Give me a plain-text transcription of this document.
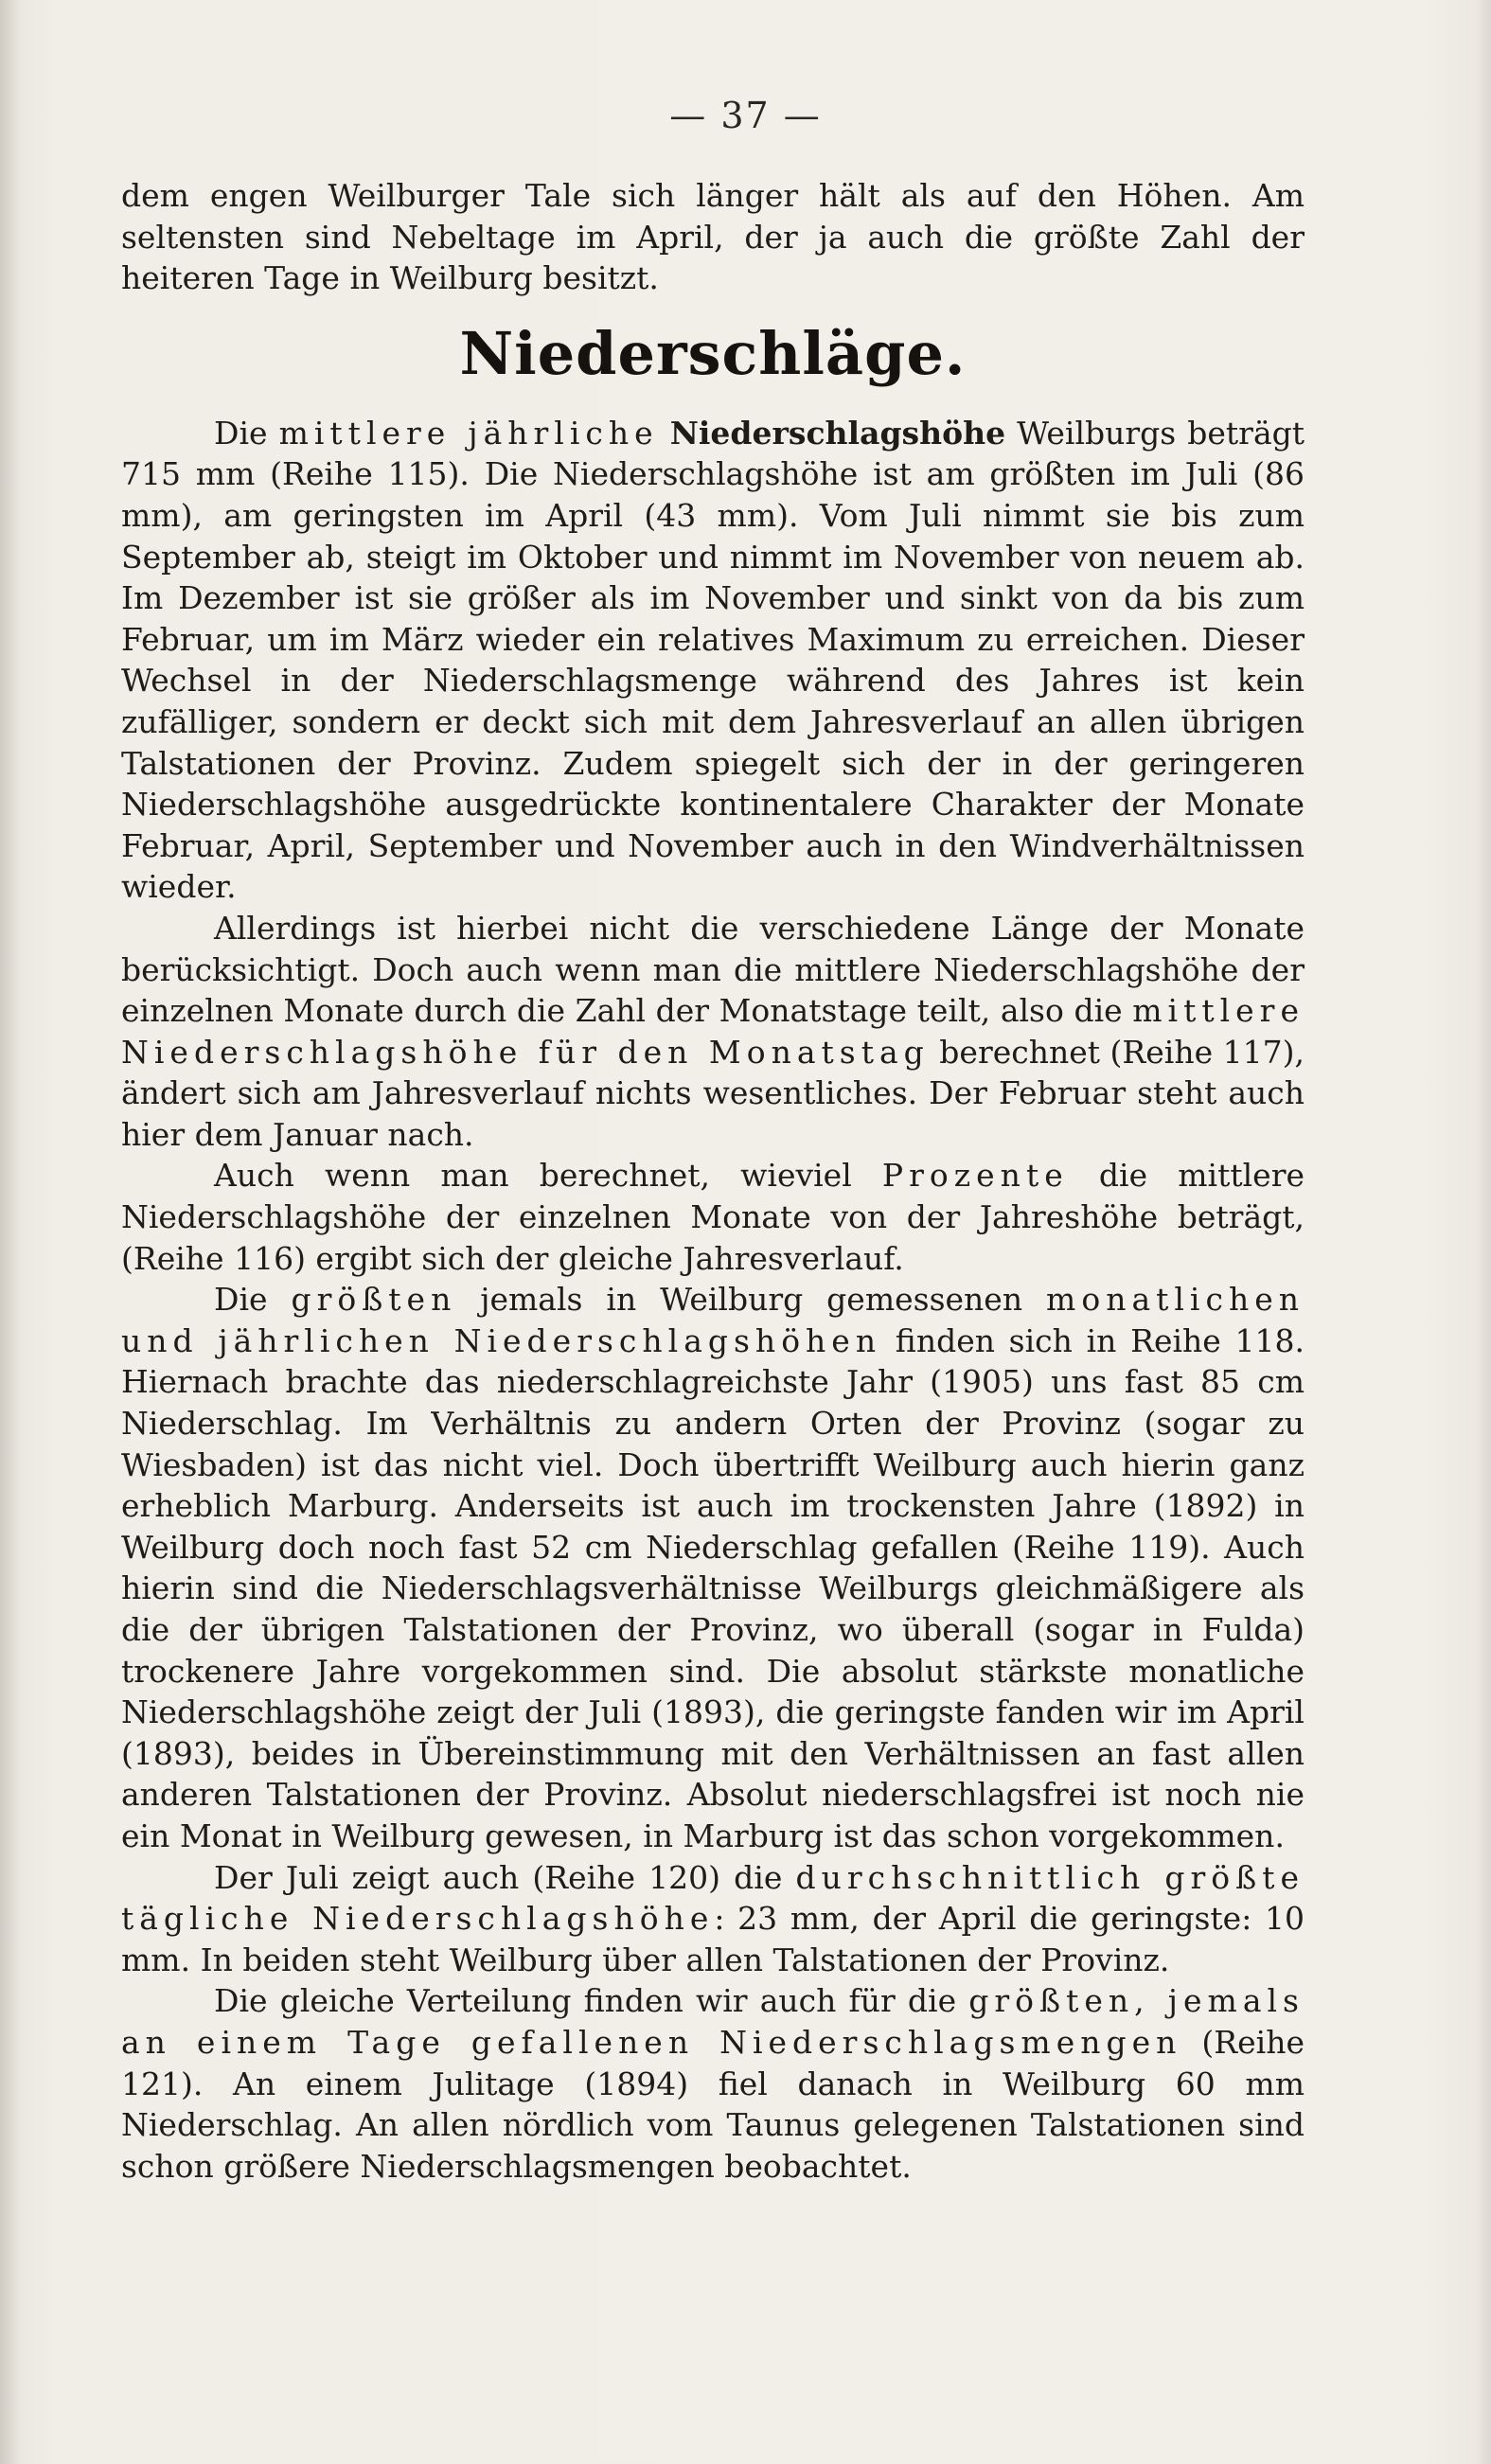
— 37 —

dem engen Weilburger Tale sich länger hält als auf den Höhen. Am seltensten sind Nebeltage im April, der ja auch die größte Zahl der heiteren Tage in Weilburg besitzt.

Niederschläge.

Die mittlere jährliche Niederschlagshöhe Weilburgs beträgt 715 mm (Reihe 115). Die Niederschlagshöhe ist am größten im Juli (86 mm), am geringsten im April (43 mm). Vom Juli nimmt sie bis zum September ab, steigt im Oktober und nimmt im November von neuem ab. Im Dezember ist sie größer als im November und sinkt von da bis zum Februar, um im März wieder ein relatives Maximum zu erreichen. Dieser Wechsel in der Niederschlagsmenge während des Jahres ist kein zufälliger, sondern er deckt sich mit dem Jahresverlauf an allen übrigen Talstationen der Provinz. Zudem spiegelt sich der in der geringeren Niederschlagshöhe ausgedrückte kontinentalere Charakter der Monate Februar, April, September und November auch in den Windverhältnissen wieder.

Allerdings ist hierbei nicht die verschiedene Länge der Monate berücksichtigt. Doch auch wenn man die mittlere Niederschlagshöhe der einzelnen Monate durch die Zahl der Monatstage teilt, also die mittlere Niederschlagshöhe für den Monatstag berechnet (Reihe 117), ändert sich am Jahresverlauf nichts wesentliches. Der Februar steht auch hier dem Januar nach.

Auch wenn man berechnet, wieviel Prozente die mittlere Niederschlagshöhe der einzelnen Monate von der Jahreshöhe beträgt, (Reihe 116) ergibt sich der gleiche Jahresverlauf.

Die größten jemals in Weilburg gemessenen monatlichen und jährlichen Niederschlagshöhen finden sich in Reihe 118. Hiernach brachte das niederschlagreichste Jahr (1905) uns fast 85 cm Niederschlag. Im Verhältnis zu andern Orten der Provinz (sogar zu Wiesbaden) ist das nicht viel. Doch übertrifft Weilburg auch hierin ganz erheblich Marburg. Anderseits ist auch im trockensten Jahre (1892) in Weilburg doch noch fast 52 cm Niederschlag gefallen (Reihe 119). Auch hierin sind die Niederschlagsverhältnisse Weilburgs gleichmäßigere als die der übrigen Talstationen der Provinz, wo überall (sogar in Fulda) trockenere Jahre vorgekommen sind. Die absolut stärkste monatliche Niederschlagshöhe zeigt der Juli (1893), die geringste fanden wir im April (1893), beides in Übereinstimmung mit den Verhältnissen an fast allen anderen Talstationen der Provinz. Absolut niederschlagsfrei ist noch nie ein Monat in Weilburg gewesen, in Marburg ist das schon vorgekommen.

Der Juli zeigt auch (Reihe 120) die durchschnittlich größte tägliche Niederschlagshöhe: 23 mm, der April die geringste: 10 mm. In beiden steht Weilburg über allen Talstationen der Provinz.

Die gleiche Verteilung finden wir auch für die größten, jemals an einem Tage gefallenen Niederschlagsmengen (Reihe 121). An einem Julitage (1894) fiel danach in Weilburg 60 mm Niederschlag. An allen nördlich vom Taunus gelegenen Talstationen sind schon größere Niederschlagsmengen beobachtet.
